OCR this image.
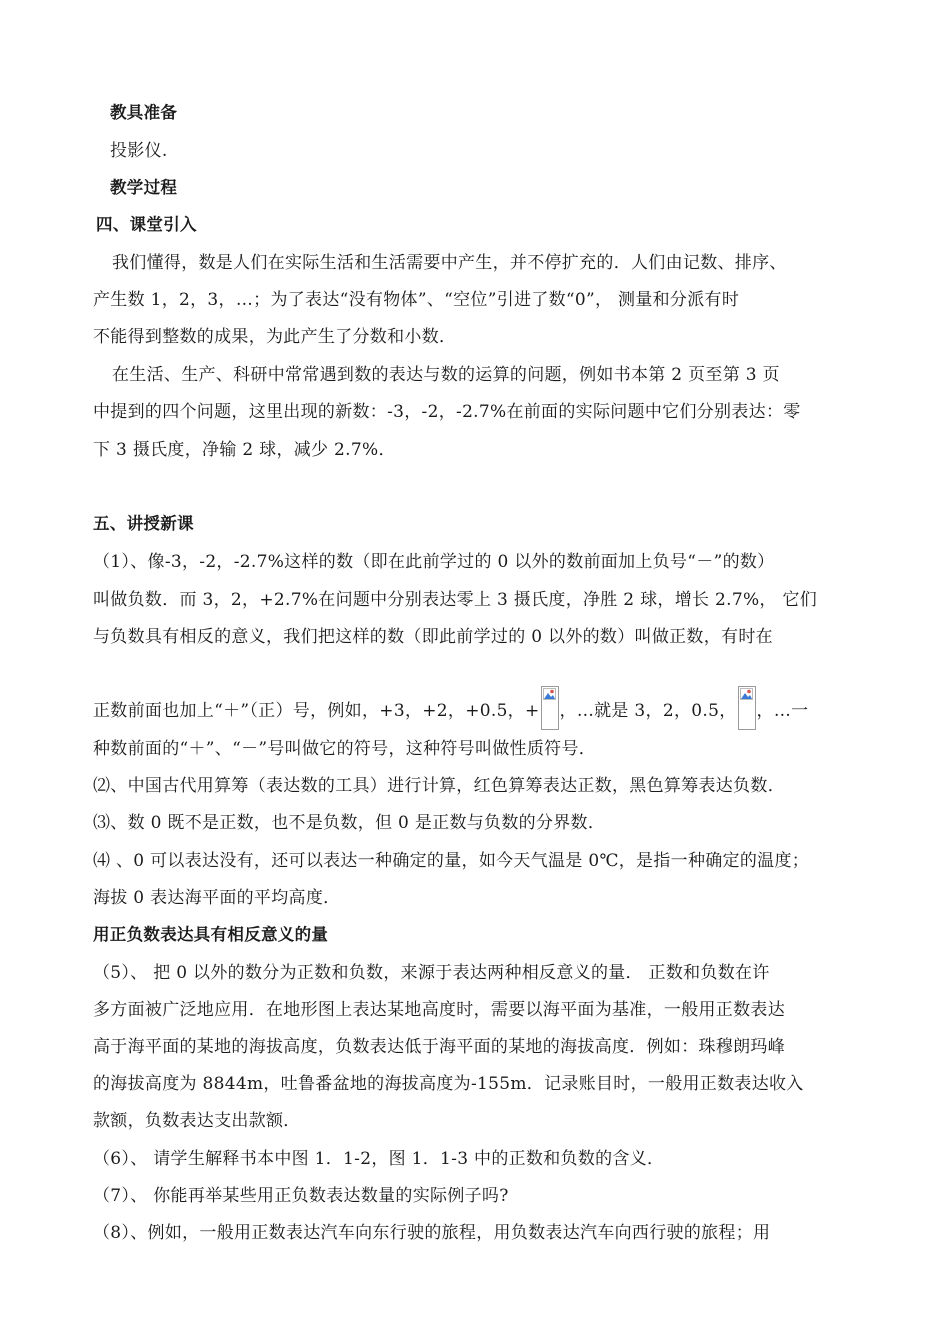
教具准备
投影仪.
教学过程
四、课堂引入
我们懂得，数是人们在实际生活和生活需要中产生，并不停扩充的．人们由记数、排序、
产生数 1，2，3，…；为了表达“没有物体”、“空位”引进了数“0”， 测量和分派有时
不能得到整数的成果，为此产生了分数和小数．
在生活、生产、科研中常常遇到数的表达与数的运算的问题，例如书本第 2 页至第 3 页
中提到的四个问题，这里出现的新数：-3，-2，-2.7%在前面的实际问题中它们分别表达：零
下 3 摄氏度，净输 2 球，减少 2.7%．
五、讲授新课
（1）、像-3，-2，-2.7%这样的数（即在此前学过的 0 以外的数前面加上负号“－”的数）
叫做负数．而 3，2，+2.7%在问题中分别表达零上 3 摄氏度，净胜 2 球，增长 2.7%， 它们
与负数具有相反的意义，我们把这样的数（即此前学过的 0 以外的数）叫做正数，有时在
正数前面也加上“＋”（正）号，例如，+3，+2，+0.5，+ ，…就是 3，2，0.5， ，…一
种数前面的“＋”、“－”号叫做它的符号，这种符号叫做性质符号．
⑵、中国古代用算筹（表达数的工具）进行计算，红色算筹表达正数，黑色算筹表达负数．
⑶、数 0 既不是正数，也不是负数，但 0 是正数与负数的分界数．
⑷ 、0 可以表达没有，还可以表达一种确定的量，如今天气温是 0℃，是指一种确定的温度；
海拔 0 表达海平面的平均高度．
用正负数表达具有相反意义的量
（5）、 把 0 以外的数分为正数和负数，来源于表达两种相反意义的量． 正数和负数在许
多方面被广泛地应用．在地形图上表达某地高度时，需要以海平面为基准，一般用正数表达
高于海平面的某地的海拔高度，负数表达低于海平面的某地的海拔高度．例如：珠穆朗玛峰
的海拔高度为 8844m，吐鲁番盆地的海拔高度为-155m．记录账目时，一般用正数表达收入
款额，负数表达支出款额．
（6）、 请学生解释书本中图 1．1-2，图 1．1-3 中的正数和负数的含义．
（7）、 你能再举某些用正负数表达数量的实际例子吗?
（8）、例如，一般用正数表达汽车向东行驶的旅程，用负数表达汽车向西行驶的旅程；用
